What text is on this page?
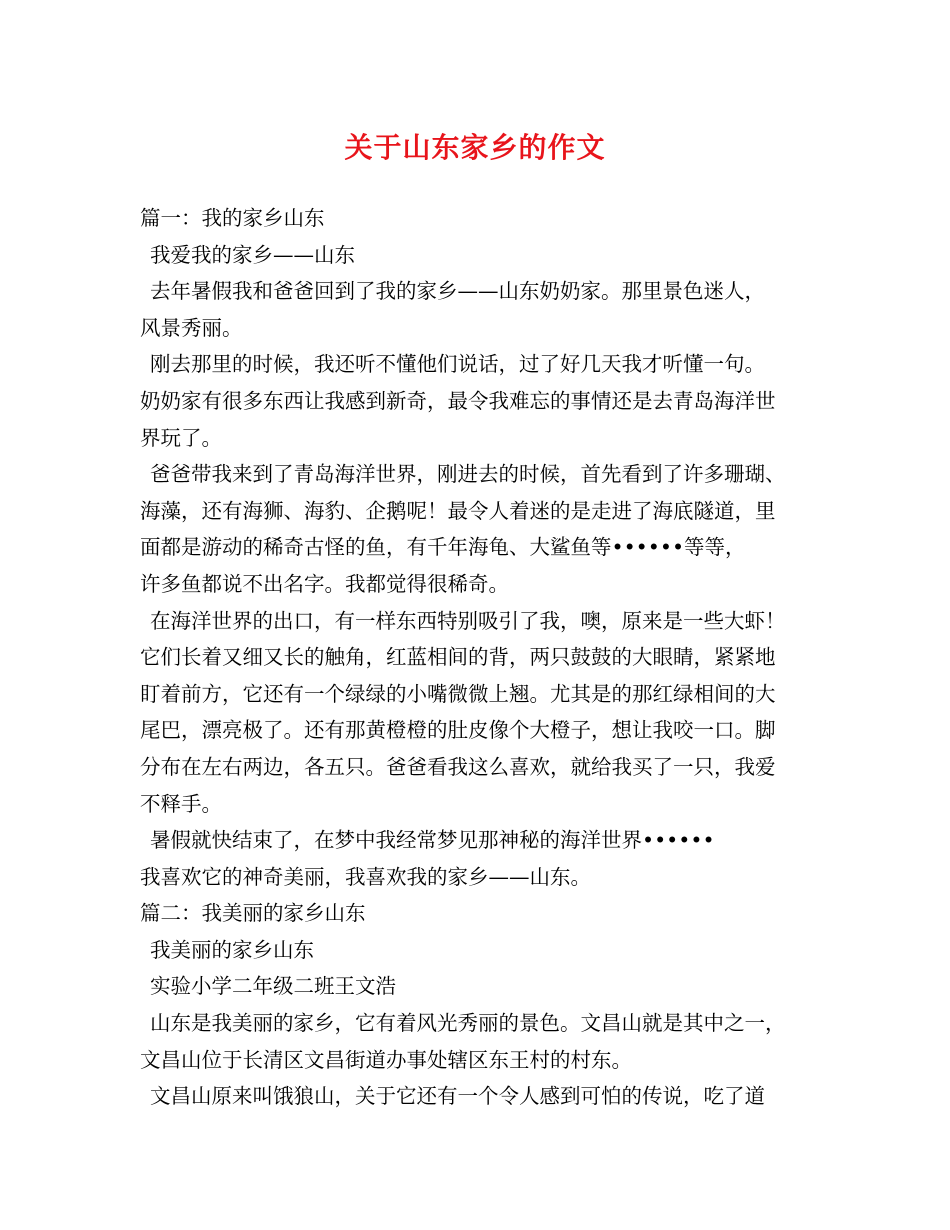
关于山东家乡的作文
篇一：我的家乡山东
我爱我的家乡——山东
去年暑假我和爸爸回到了我的家乡——山东奶奶家。那里景色迷人，
风景秀丽。
刚去那里的时候，我还听不懂他们说话，过了好几天我才听懂一句。
奶奶家有很多东西让我感到新奇，最令我难忘的事情还是去青岛海洋世
界玩了。
爸爸带我来到了青岛海洋世界，刚进去的时候，首先看到了许多珊瑚、
海藻，还有海狮、海豹、企鹅呢！最令人着迷的是走进了海底隧道，里
面都是游动的稀奇古怪的鱼，有千年海龟、大鲨鱼等••••••等等，
许多鱼都说不出名字。我都觉得很稀奇。
在海洋世界的出口，有一样东西特别吸引了我，噢，原来是一些大虾！
它们长着又细又长的触角，红蓝相间的背，两只鼓鼓的大眼睛，紧紧地
盯着前方，它还有一个绿绿的小嘴微微上翘。尤其是的那红绿相间的大
尾巴，漂亮极了。还有那黄橙橙的肚皮像个大橙子，想让我咬一口。脚
分布在左右两边，各五只。爸爸看我这么喜欢，就给我买了一只，我爱
不释手。
暑假就快结束了，在梦中我经常梦见那神秘的海洋世界••••••
我喜欢它的神奇美丽，我喜欢我的家乡——山东。
篇二：我美丽的家乡山东
我美丽的家乡山东
实验小学二年级二班王文浩
山东是我美丽的家乡，它有着风光秀丽的景色。文昌山就是其中之一，
文昌山位于长清区文昌街道办事处辖区东王村的村东。
文昌山原来叫饿狼山，关于它还有一个令人感到可怕的传说，吃了道
